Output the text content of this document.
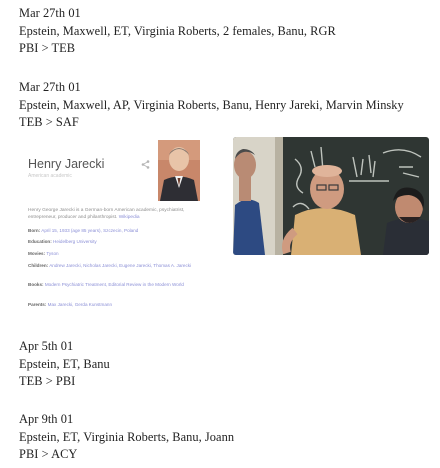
Mar 27th 01
Epstein, Maxwell, ET, Virginia Roberts, 2 females, Banu, RGR
PBI > TEB
Mar 27th 01
Epstein, Maxwell, AP, Virginia Roberts, Banu, Henry Jareki, Marvin Minsky
TEB > SAF
Henry Jarecki
American academic
Henry George Jarecki is a German-born American academic, psychiatrist, entrepreneur, producer and philanthropist. Wikipedia
Born: April 15, 1933 (age 85 years), Szczecin, Poland
Education: Heidelberg University
Movies: Tyson
Children: Andrew Jarecki, Nicholas Jarecki, Eugene Jarecki, Thomas A. Jarecki
Books: Modern Psychiatric Treatment, Editorial Review in the Modern World
Parents: Max Jarecki, Gerda Kunstmann
Apr 5th 01
Epstein, ET, Banu
TEB > PBI
Apr 9th 01
Epstein, ET, Virginia Roberts, Banu, Joann
PBI > ACY
